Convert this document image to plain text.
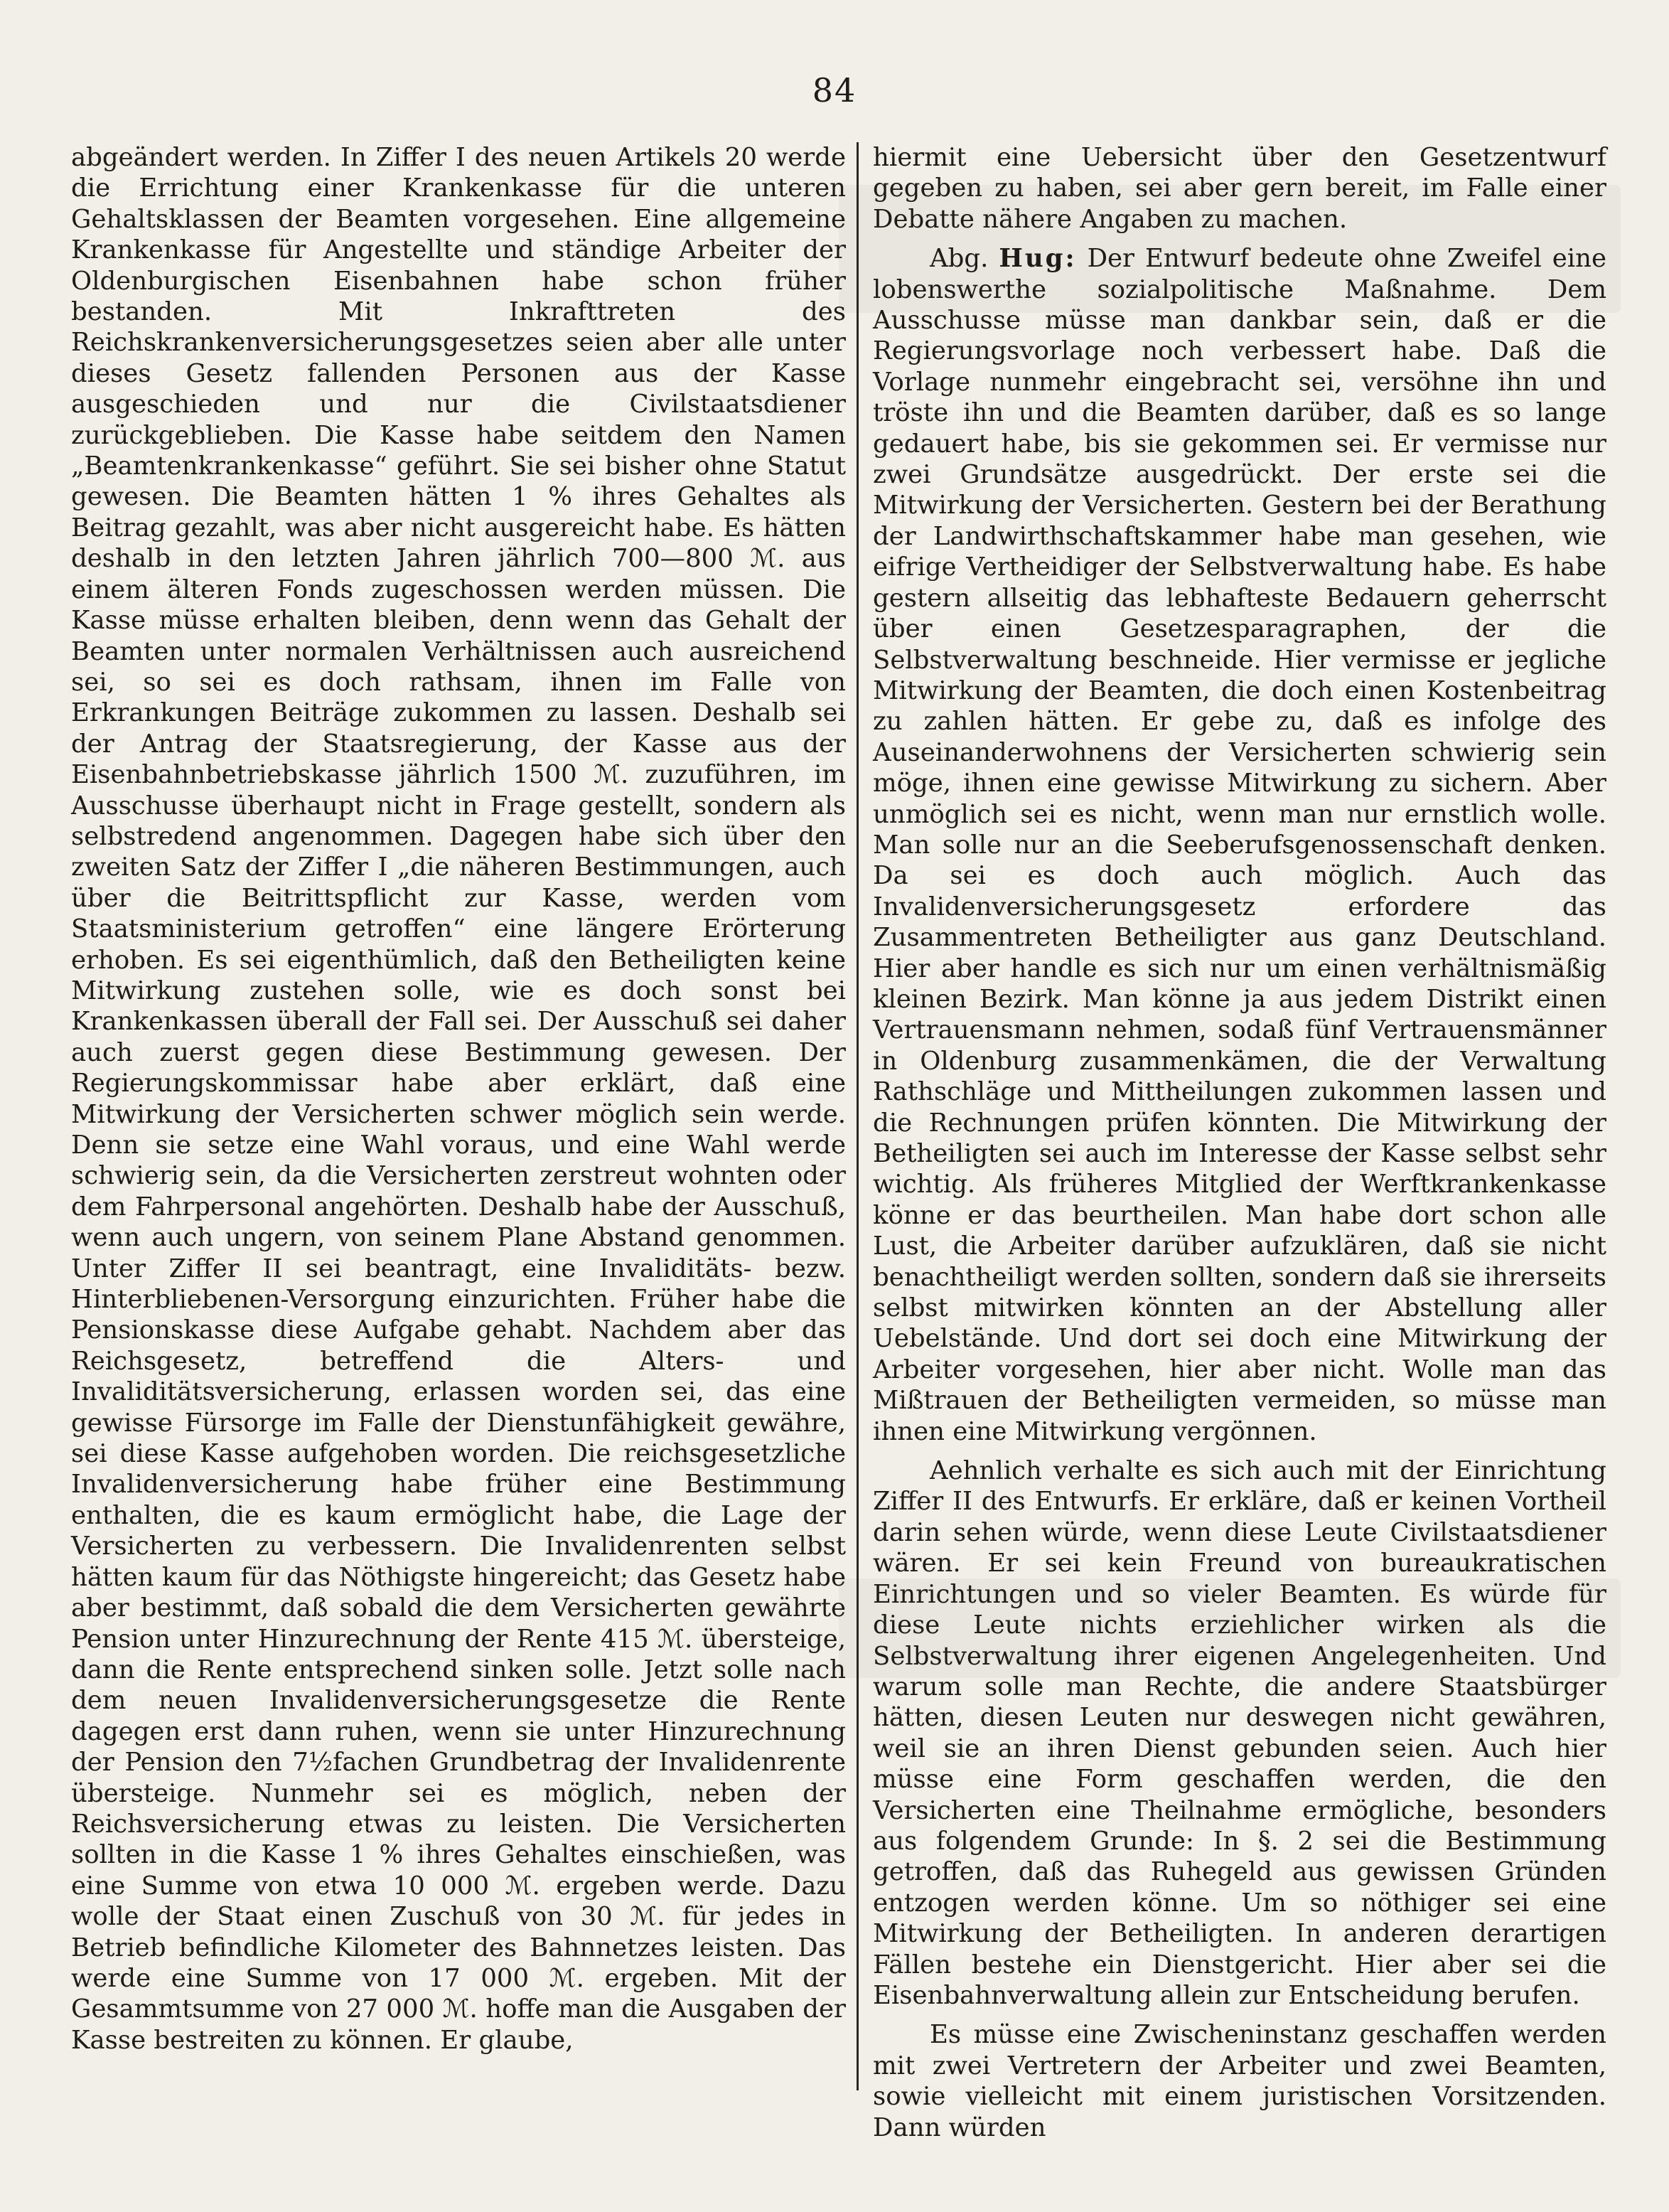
84

abgeändert werden. In Ziffer I des neuen Artikels 20 werde die Errichtung einer Krankenkasse für die unteren Gehaltsklassen der Beamten vorgesehen. Eine allgemeine Krankenkasse für Angestellte und ständige Arbeiter der Oldenburgischen Eisenbahnen habe schon früher bestanden. Mit Inkrafttreten des Reichskrankenversicherungsgesetzes seien aber alle unter dieses Gesetz fallenden Personen aus der Kasse ausgeschieden und nur die Civilstaatsdiener zurückgeblieben. Die Kasse habe seitdem den Namen „Beamtenkrankenkasse“ geführt. Sie sei bisher ohne Statut gewesen. Die Beamten hätten 1 % ihres Gehaltes als Beitrag gezahlt, was aber nicht ausgereicht habe. Es hätten deshalb in den letzten Jahren jährlich 700—800 ℳ. aus einem älteren Fonds zugeschossen werden müssen. Die Kasse müsse erhalten bleiben, denn wenn das Gehalt der Beamten unter normalen Verhältnissen auch ausreichend sei, so sei es doch rathsam, ihnen im Falle von Erkrankungen Beiträge zukommen zu lassen. Deshalb sei der Antrag der Staatsregierung, der Kasse aus der Eisenbahnbetriebskasse jährlich 1500 ℳ. zuzuführen, im Ausschusse überhaupt nicht in Frage gestellt, sondern als selbstredend angenommen. Dagegen habe sich über den zweiten Satz der Ziffer I „die näheren Bestimmungen, auch über die Beitrittspflicht zur Kasse, werden vom Staatsministerium getroffen“ eine längere Erörterung erhoben. Es sei eigenthümlich, daß den Betheiligten keine Mitwirkung zustehen solle, wie es doch sonst bei Krankenkassen überall der Fall sei. Der Ausschuß sei daher auch zuerst gegen diese Bestimmung gewesen. Der Regierungskommissar habe aber erklärt, daß eine Mitwirkung der Versicherten schwer möglich sein werde. Denn sie setze eine Wahl voraus, und eine Wahl werde schwierig sein, da die Versicherten zerstreut wohnten oder dem Fahrpersonal angehörten. Deshalb habe der Ausschuß, wenn auch ungern, von seinem Plane Abstand genommen. Unter Ziffer II sei beantragt, eine Invaliditäts- bezw. Hinterbliebenen-Versorgung einzurichten. Früher habe die Pensionskasse diese Aufgabe gehabt. Nachdem aber das Reichsgesetz, betreffend die Alters- und Invaliditätsversicherung, erlassen worden sei, das eine gewisse Fürsorge im Falle der Dienstunfähigkeit gewähre, sei diese Kasse aufgehoben worden. Die reichsgesetzliche Invalidenversicherung habe früher eine Bestimmung enthalten, die es kaum ermöglicht habe, die Lage der Versicherten zu verbessern. Die Invalidenrenten selbst hätten kaum für das Nöthigste hingereicht; das Gesetz habe aber bestimmt, daß sobald die dem Versicherten gewährte Pension unter Hinzurechnung der Rente 415 ℳ. übersteige, dann die Rente entsprechend sinken solle. Jetzt solle nach dem neuen Invalidenversicherungsgesetze die Rente dagegen erst dann ruhen, wenn sie unter Hinzurechnung der Pension den 7½fachen Grundbetrag der Invalidenrente übersteige. Nunmehr sei es möglich, neben der Reichsversicherung etwas zu leisten. Die Versicherten sollten in die Kasse 1 % ihres Gehaltes einschießen, was eine Summe von etwa 10 000 ℳ. ergeben werde. Dazu wolle der Staat einen Zuschuß von 30 ℳ. für jedes in Betrieb befindliche Kilometer des Bahnnetzes leisten. Das werde eine Summe von 17 000 ℳ. ergeben. Mit der Gesammtsumme von 27 000 ℳ. hoffe man die Ausgaben der Kasse bestreiten zu können. Er glaube,

hiermit eine Uebersicht über den Gesetzentwurf gegeben zu haben, sei aber gern bereit, im Falle einer Debatte nähere Angaben zu machen.

Abg. Hug: Der Entwurf bedeute ohne Zweifel eine lobenswerthe sozialpolitische Maßnahme. Dem Ausschusse müsse man dankbar sein, daß er die Regierungsvorlage noch verbessert habe. Daß die Vorlage nunmehr eingebracht sei, versöhne ihn und tröste ihn und die Beamten darüber, daß es so lange gedauert habe, bis sie gekommen sei. Er vermisse nur zwei Grundsätze ausgedrückt. Der erste sei die Mitwirkung der Versicherten. Gestern bei der Berathung der Landwirthschaftskammer habe man gesehen, wie eifrige Vertheidiger der Selbstverwaltung habe. Es habe gestern allseitig das lebhafteste Bedauern geherrscht über einen Gesetzesparagraphen, der die Selbstverwaltung beschneide. Hier vermisse er jegliche Mitwirkung der Beamten, die doch einen Kostenbeitrag zu zahlen hätten. Er gebe zu, daß es infolge des Auseinanderwohnens der Versicherten schwierig sein möge, ihnen eine gewisse Mitwirkung zu sichern. Aber unmöglich sei es nicht, wenn man nur ernstlich wolle. Man solle nur an die Seeberufsgenossenschaft denken. Da sei es doch auch möglich. Auch das Invalidenversicherungsgesetz erfordere das Zusammentreten Betheiligter aus ganz Deutschland. Hier aber handle es sich nur um einen verhältnismäßig kleinen Bezirk. Man könne ja aus jedem Distrikt einen Vertrauensmann nehmen, sodaß fünf Vertrauensmänner in Oldenburg zusammenkämen, die der Verwaltung Rathschläge und Mittheilungen zukommen lassen und die Rechnungen prüfen könnten. Die Mitwirkung der Betheiligten sei auch im Interesse der Kasse selbst sehr wichtig. Als früheres Mitglied der Werftkrankenkasse könne er das beurtheilen. Man habe dort schon alle Lust, die Arbeiter darüber aufzuklären, daß sie nicht benachtheiligt werden sollten, sondern daß sie ihrerseits selbst mitwirken könnten an der Abstellung aller Uebelstände. Und dort sei doch eine Mitwirkung der Arbeiter vorgesehen, hier aber nicht. Wolle man das Mißtrauen der Betheiligten vermeiden, so müsse man ihnen eine Mitwirkung vergönnen.

Aehnlich verhalte es sich auch mit der Einrichtung Ziffer II des Entwurfs. Er erkläre, daß er keinen Vortheil darin sehen würde, wenn diese Leute Civilstaatsdiener wären. Er sei kein Freund von bureaukratischen Einrichtungen und so vieler Beamten. Es würde für diese Leute nichts erziehlicher wirken als die Selbstverwaltung ihrer eigenen Angelegenheiten. Und warum solle man Rechte, die andere Staatsbürger hätten, diesen Leuten nur deswegen nicht gewähren, weil sie an ihren Dienst gebunden seien. Auch hier müsse eine Form geschaffen werden, die den Versicherten eine Theilnahme ermögliche, besonders aus folgendem Grunde: In §. 2 sei die Bestimmung getroffen, daß das Ruhegeld aus gewissen Gründen entzogen werden könne. Um so nöthiger sei eine Mitwirkung der Betheiligten. In anderen derartigen Fällen bestehe ein Dienstgericht. Hier aber sei die Eisenbahnverwaltung allein zur Entscheidung berufen.

Es müsse eine Zwischeninstanz geschaffen werden mit zwei Vertretern der Arbeiter und zwei Beamten, sowie vielleicht mit einem juristischen Vorsitzenden. Dann würden
